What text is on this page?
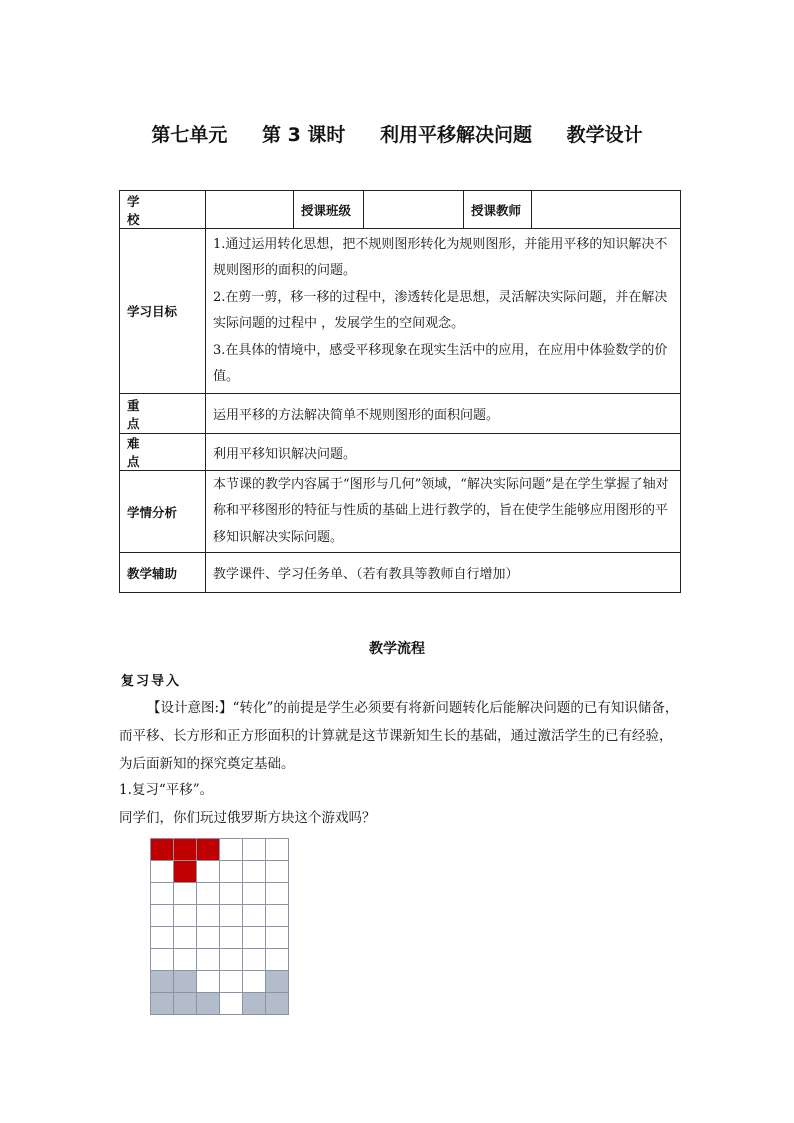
第七单元 第 3 课时 利用平移解决问题 教学设计
学校		授课班级		授课教师	
学习目标	1.通过运用转化思想，把不规则图形转化为规则图形，并能用平移的知识解决不规则图形的面积的问题。
2.在剪一剪，移一移的过程中，渗透转化是思想，灵活解决实际问题，并在解决实际问题的过程中 ，发展学生的空间观念。
3.在具体的情境中，感受平移现象在现实生活中的应用，在应用中体验数学的价值。				

重点	运用平移的方法解决简单不规则图形的面积问题。				
难点	利用平移知识解决问题。				
学情分析	本节课的教学内容属于“图形与几何”领域，“解决实际问题”是在学生掌握了轴对称和平移图形的特征与性质的基础上进行教学的，旨在使学生能够应用图形的平移知识解决实际问题。				
教学辅助	教学课件、学习任务单、（若有教具等教师自行增加）				
教学流程
复习导入
【设计意图:】“转化”的前提是学生必须要有将新问题转化后能解决问题的已有知识储备，而平移、长方形和正方形面积的计算就是这节课新知生长的基础，通过激活学生的已有经验，为后面新知的探究奠定基础。
1.复习“平移”。
同学们，你们玩过俄罗斯方块这个游戏吗？
